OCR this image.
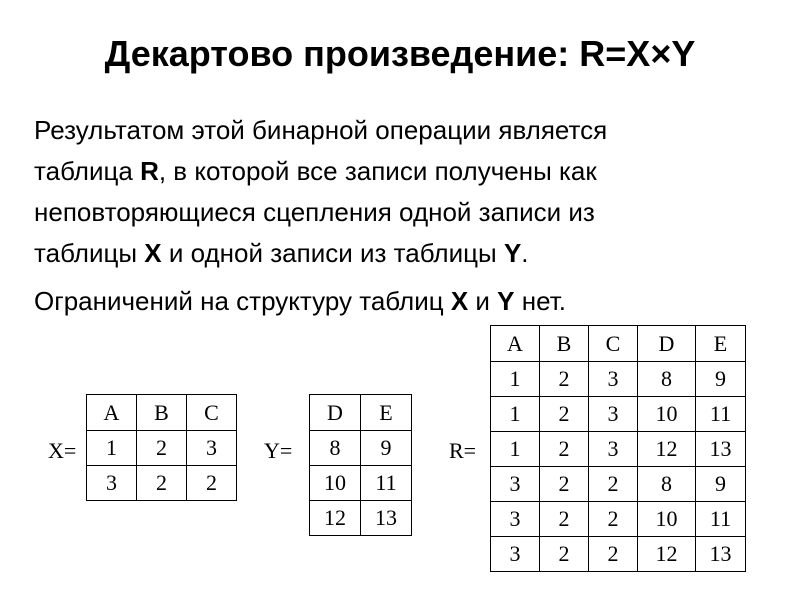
Декартово произведение: R=X×Y
Результатом этой бинарной операции является
таблица R, в которой все записи получены как
неповторяющиеся сцепления одной записи из
таблицы X и одной записи из таблицы Y.
Ограничений на структуру таблиц X и Y нет.
X=
A	B	C
1	2	3
3	2	2
Y=
D	E
8	9
10	11
12	13
R=
A	B	C	D	E
1	2	3	8	9
1	2	3	10	11
1	2	3	12	13
3	2	2	8	9
3	2	2	10	11
3	2	2	12	13
